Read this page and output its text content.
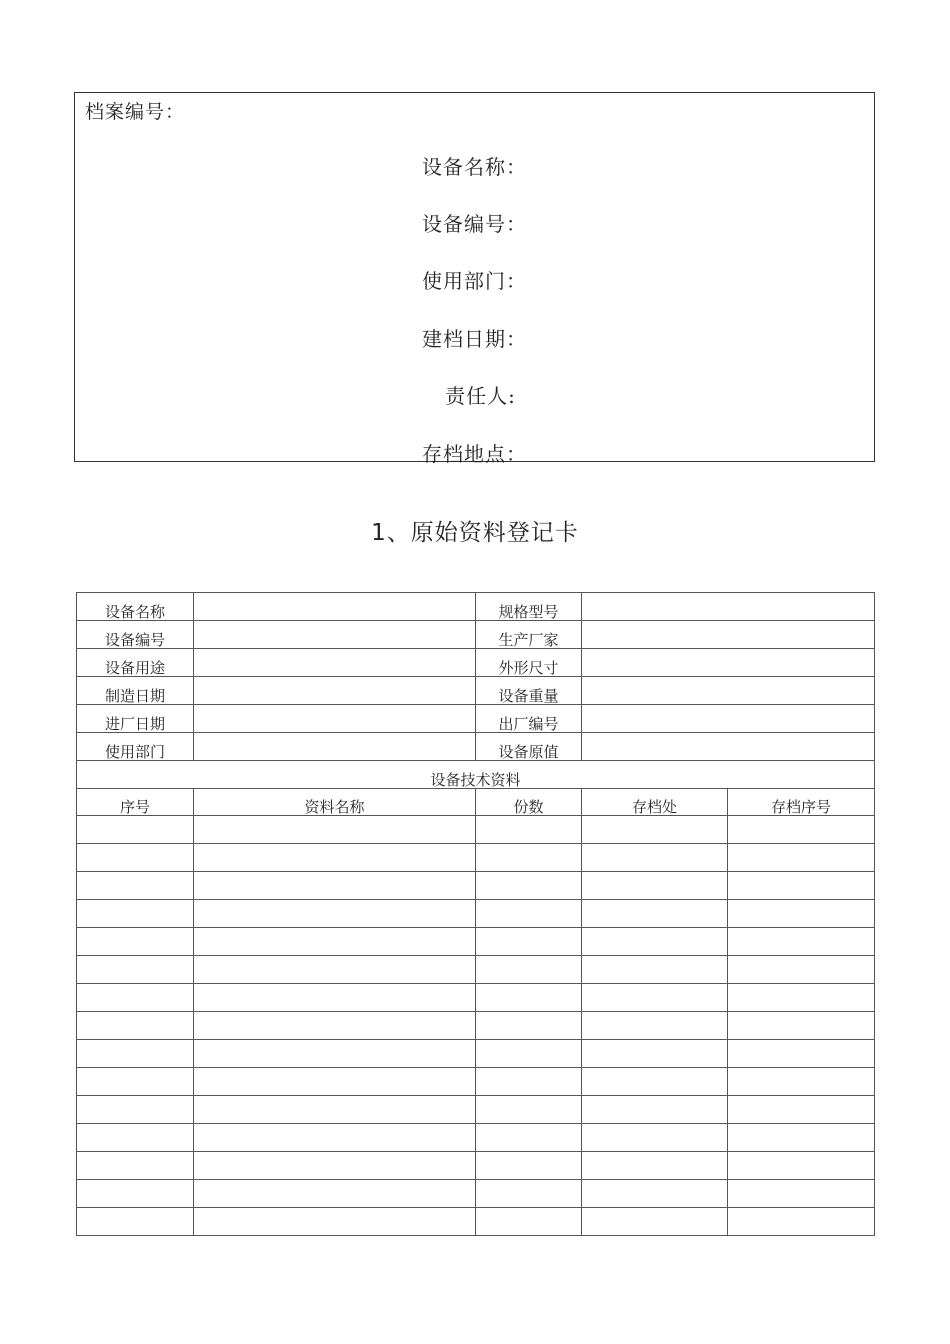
档案编号：
设备名称：
设备编号：
使用部门：
建档日期：
责任人:
存档地点：
1、原始资料登记卡
设备名称		规格型号		
设备编号		生产厂家		
设备用途		外形尺寸		
制造日期		设备重量		
进厂日期		出厂编号		
使用部门		设备原值		
设备技术资料				
序号	资料名称	份数	存档处	存档序号
